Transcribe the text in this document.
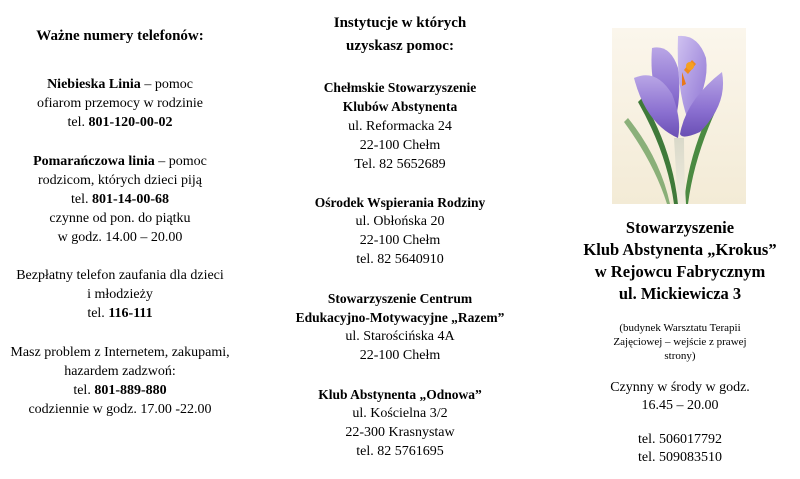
Ważne numery telefonów:
Niebieska Linia – pomoc
ofiarom przemocy w rodzinie
tel. 801-120-00-02
Pomarańczowa linia – pomoc
rodzicom, których dzieci piją
tel. 801-14-00-68
czynne od pon. do piątku
w godz. 14.00 – 20.00
Bezpłatny telefon zaufania dla dzieci
i młodzieży
tel. 116-111
Masz problem z Internetem, zakupami,
hazardem zadzwoń:
tel. 801-889-880
codziennie w godz. 17.00 -22.00
Instytucje w których
uzyskasz pomoc:
Chełmskie Stowarzyszenie
Klubów Abstynenta
ul. Reformacka 24
22-100 Chełm
Tel. 82 5652689
Ośrodek Wspierania Rodziny
ul. Obłońska 20
22-100 Chełm
tel. 82 5640910
Stowarzyszenie Centrum
Edukacyjno-Motywacyjne „Razem”
ul. Starościńska 4A
22-100 Chełm
Klub Abstynenta „Odnowa”
ul. Kościelna 3/2
22-300 Krasnystaw
tel. 82 5761695
Stowarzyszenie
Klub Abstynenta „Krokus”
w Rejowcu Fabrycznym
ul. Mickiewicza 3
(budynek Warsztatu Terapii
Zajęciowej – wejście z prawej
strony)
Czynny w środy w godz.
16.45 – 20.00
tel. 506017792
tel. 509083510
